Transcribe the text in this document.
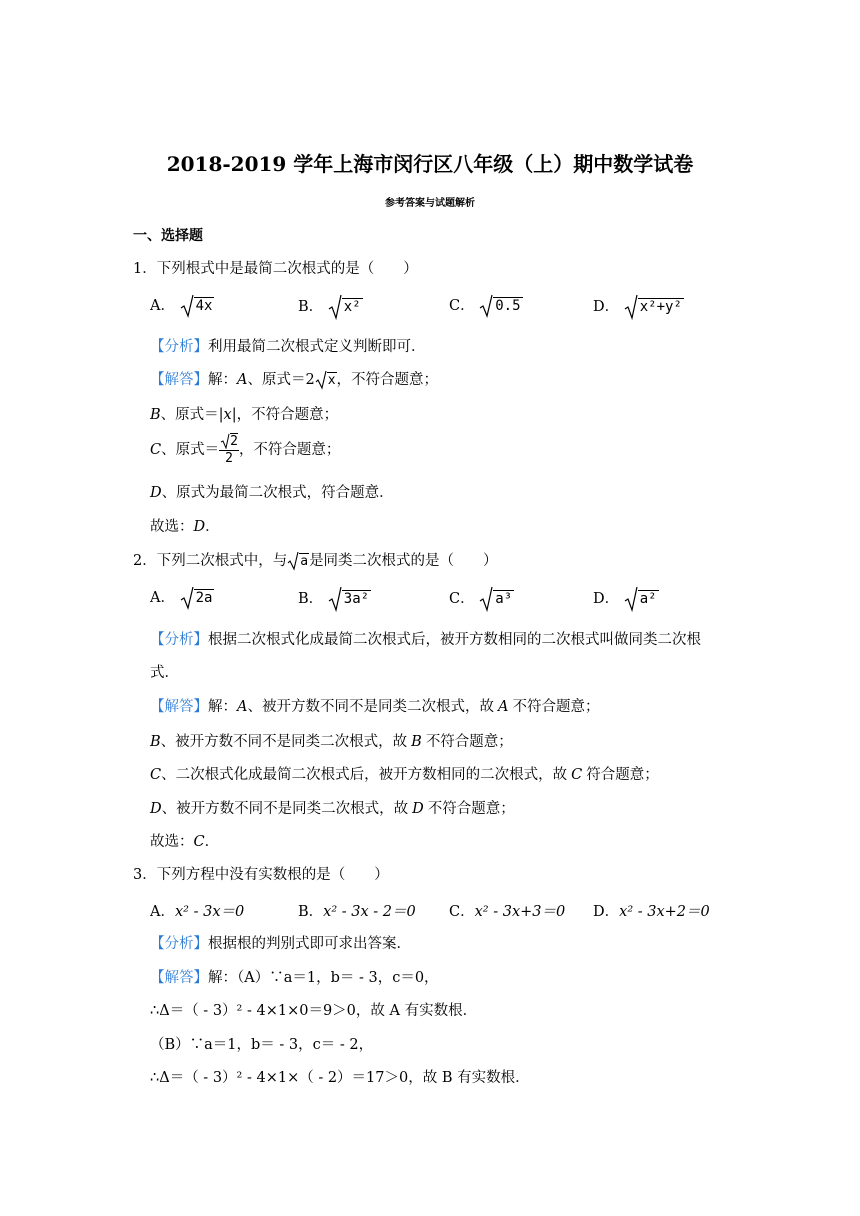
2018-2019 学年上海市闵行区八年级（上）期中数学试卷
参考答案与试题解析
一、选择题
1．下列根式中是最简二次根式的是（　　）
A． 4x	B． x²	C． 0.5	D． x²+y²
【分析】利用最简二次根式定义判断即可．
【解答】解：A、原式＝2 x，不符合题意；
B、原式＝|x|，不符合题意；
C、原式＝ $\frac{2}{2}$ ，不符合题意；
D、原式为最简二次根式，符合题意．
故选：D．
2．下列二次根式中，与 a是同类二次根式的是（　　）
A． 2a	B． 3a²	C． a³	D． a²
【分析】根据二次根式化成最简二次根式后，被开方数相同的二次根式叫做同类二次根
式．
【解答】解：A、被开方数不同不是同类二次根式，故 A 不符合题意；
B、被开方数不同不是同类二次根式，故 B 不符合题意；
C、二次根式化成最简二次根式后，被开方数相同的二次根式，故 C 符合题意；
D、被开方数不同不是同类二次根式，故 D 不符合题意；
故选：C．
3．下列方程中没有实数根的是（　　）
A．x² - 3x＝0	B．x² - 3x - 2＝0 C．x² - 3x+3＝0 D．x² - 3x+2＝0
【分析】根据根的判别式即可求出答案．
【解答】解：（A）∵a＝1，b＝ - 3，c＝0，
∴Δ＝（ - 3）² - 4×1×0＝9＞0，故 A 有实数根．
（B）∵a＝1，b＝ - 3，c＝ - 2，
∴Δ＝（ - 3）² - 4×1×（ - 2）＝17＞0，故 B 有实数根．
